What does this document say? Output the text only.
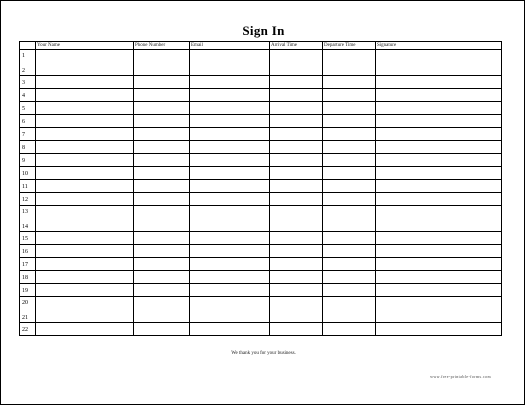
Sign In
	Your Name	Phone Number	Email	Arrival Time	Departure Time	Signature

1
2						

3						
4						
5						
6						
7						
8						
9						
10						
11						
12						

13
14						

15						
16						
17						
18						
19						

20
21						

22						
We thank you for your business.
www.free-printable-forms.com
